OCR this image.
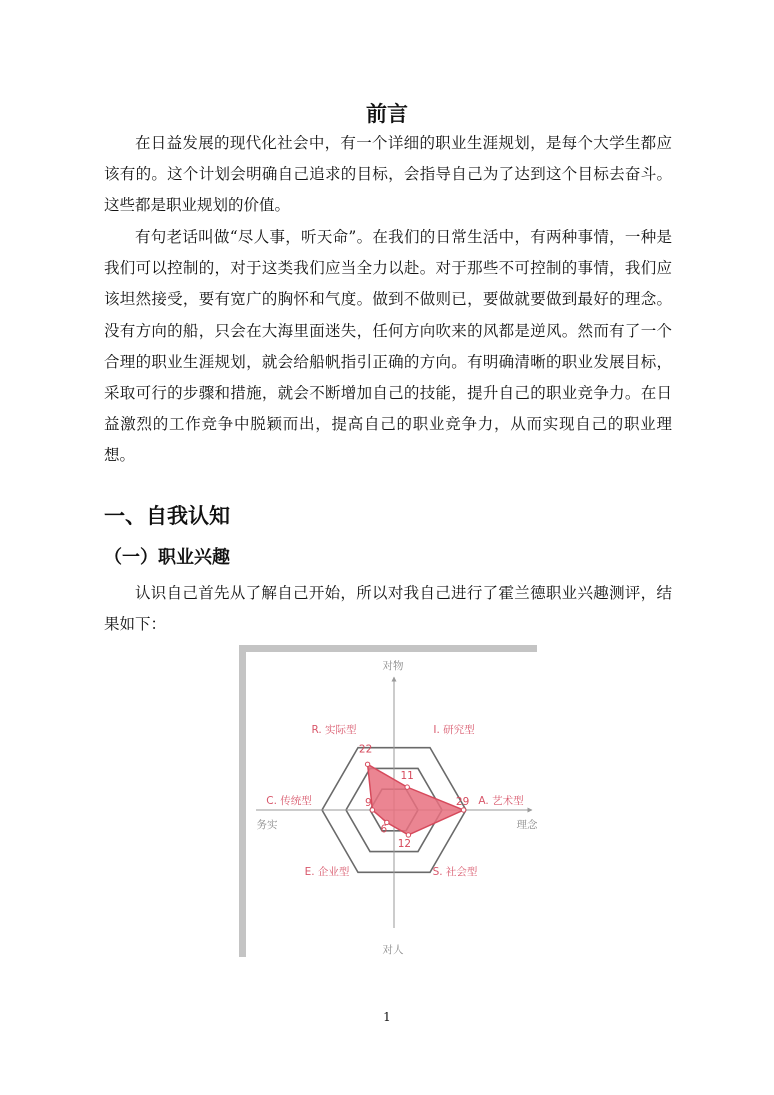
前言

在日益发展的现代化社会中，有一个详细的职业生涯规划，是每个大学生都应该有的。这个计划会明确自己追求的目标，会指导自己为了达到这个目标去奋斗。这些都是职业规划的价值。

有句老话叫做“尽人事，听天命”。在我们的日常生活中，有两种事情，一种是我们可以控制的，对于这类我们应当全力以赴。对于那些不可控制的事情，我们应该坦然接受，要有宽广的胸怀和气度。做到不做则已，要做就要做到最好的理念。没有方向的船，只会在大海里面迷失，任何方向吹来的风都是逆风。然而有了一个合理的职业生涯规划，就会给船帆指引正确的方向。有明确清晰的职业发展目标，采取可行的步骤和措施，就会不断增加自己的技能，提升自己的职业竞争力。在日益激烈的工作竞争中脱颖而出，提高自己的职业竞争力，从而实现自己的职业理想。

一、自我认知
（一）职业兴趣

认识自己首先从了解自己开始，所以对我自己进行了霍兰德职业兴趣测评，结果如下：

22
11
29
12
6
9
R. 实际型	I. 研究型
A. 艺术型
S. 社会型
E. 企业型
C. 传统型
对物
对人
务实	理念
1
